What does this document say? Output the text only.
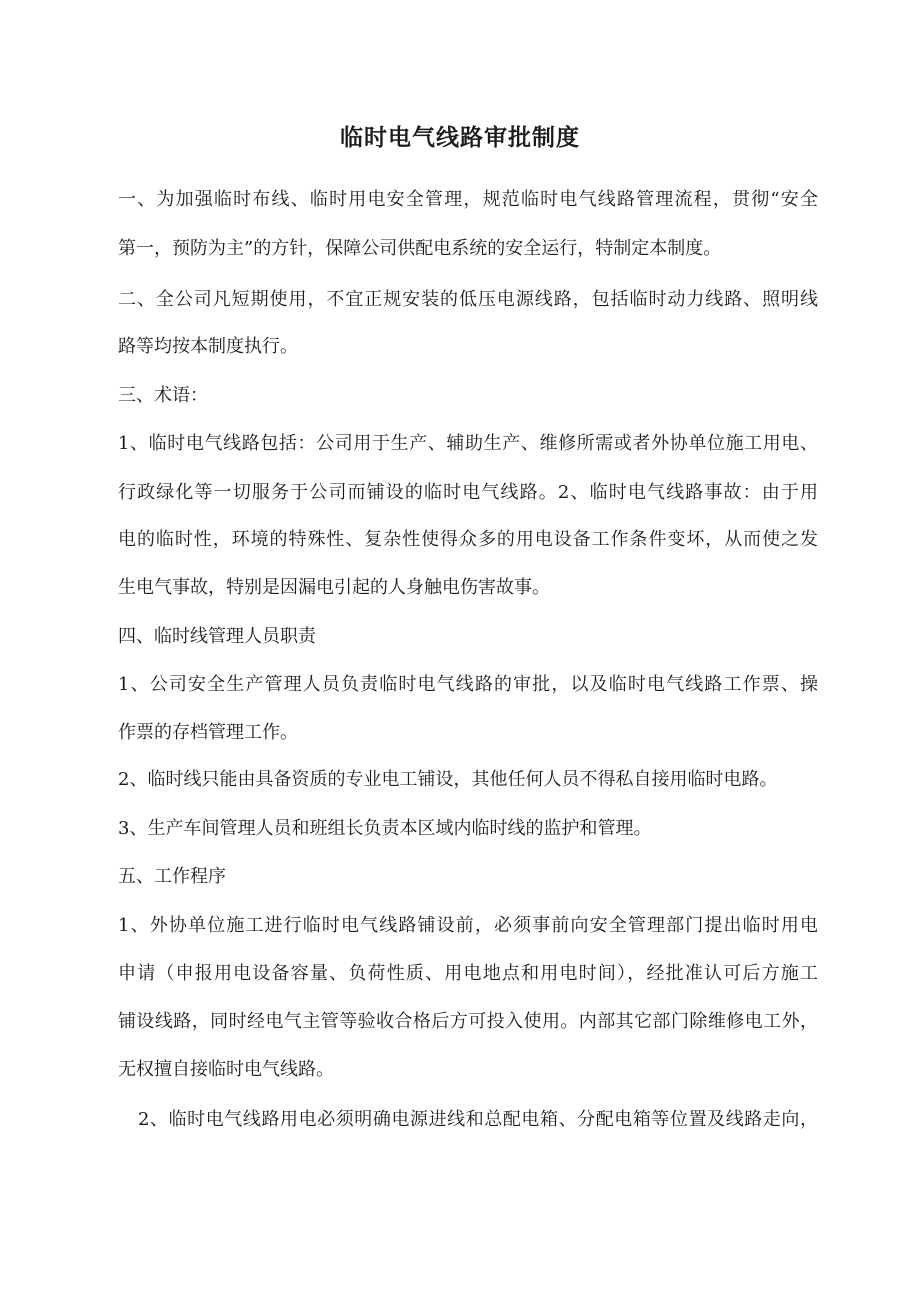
临时电气线路审批制度
一、为加强临时布线、临时用电安全管理，规范临时电气线路管理流程，贯彻“安全
第一，预防为主”的方针，保障公司供配电系统的安全运行，特制定本制度。
二、全公司凡短期使用，不宜正规安装的低压电源线路，包括临时动力线路、照明线
路等均按本制度执行。
三、术语：
1、临时电气线路包括：公司用于生产、辅助生产、维修所需或者外协单位施工用电、
行政绿化等一切服务于公司而铺设的临时电气线路。2、临时电气线路事故：由于用
电的临时性，环境的特殊性、复杂性使得众多的用电设备工作条件变坏，从而使之发
生电气事故，特别是因漏电引起的人身触电伤害故事。
四、临时线管理人员职责
1、公司安全生产管理人员负责临时电气线路的审批，以及临时电气线路工作票、操
作票的存档管理工作。
2、临时线只能由具备资质的专业电工铺设，其他任何人员不得私自接用临时电路。
3、生产车间管理人员和班组长负责本区域内临时线的监护和管理。
五、工作程序
1、外协单位施工进行临时电气线路铺设前，必须事前向安全管理部门提出临时用电
申请（申报用电设备容量、负荷性质、用电地点和用电时间），经批准认可后方施工
铺设线路，同时经电气主管等验收合格后方可投入使用。内部其它部门除维修电工外，
无权擅自接临时电气线路。
2、临时电气线路用电必须明确电源进线和总配电箱、分配电箱等位置及线路走向，
